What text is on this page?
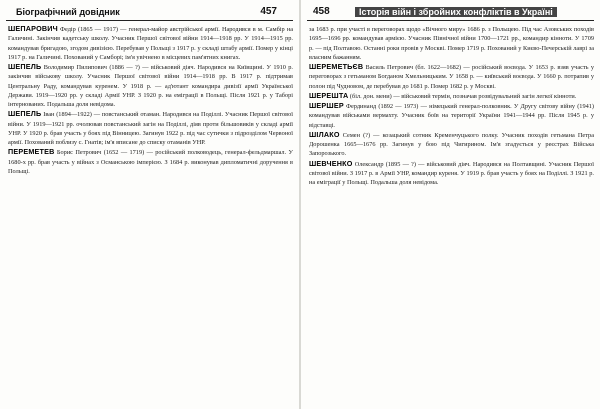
Біографічний довідник	457

ШЕПАРОВИЧ Федір (1865 — 1917) — генерал-майор австрійської армії. Народився в м. Самбір на Галичині. Закінчив кадетську школу. Учасник Першої світової війни 1914—1918 рр. У 1914—1915 рр. командував бригадою, згодом дивізією. Перебував у Польщі з 1917 р. у складі штабу армії. Помер у кінці 1917 р. на Галичині. Похований у Самборі; ім'я увічнено в місцевих пам'ятних книгах.

ШЕПЕЛЬ Володимир Пилипович (1886 — ?) — військовий діяч. Народився на Київщині. У 1910 р. закінчив військову школу. Учасник Першої світової війни 1914—1918 рр. В 1917 р. підтримав Центральну Раду, командував куренем. У 1918 р. — ад'ютант командира дивізії армії Української Держави. 1919—1920 рр. у складі Армії УНР. З 1920 р. на еміграції в Польщі. Після 1921 р. у Таборі інтернованих. Подальша доля невідома.

ШЕПЕЛЬ Іван (1894—1922) — повстанський отаман. Народився на Поділлі. Учасник Першої світової війни. У 1919—1921 рр. очолював повстанський загін на Поділлі, діяв проти більшовиків у складі армії УНР. У 1920 р. брав участь у боях під Вінницею. Загинув 1922 р. під час сутички з підрозділом Червоної армії. Похований поблизу с. Гнатів; ім'я вписане до списку отаманів УНР.

ПЕРЕМЕТЕВ Борис Петрович (1652 — 1719) — російський полководець, генерал-фельдмаршал. У 1680-х рр. брав участь у війнах з Османською імперією. З 1684 р. виконував дипломатичні доручення в Польщі.

458	Історія війн і збройних конфліктів в Україні

за 1683 р. при участі в переговорах щодо «Вічного миру» 1686 р. з Польщею. Під час Азовських походів 1695—1696 рр. командував армією. Учасник Північної війни 1700—1721 рр., командир кінноти. У 1709 р. — під Полтавою. Останні роки провів у Москві. Помер 1719 р. Похований у Києво-Печерській лаврі за власним бажанням.

ШЕРЕМЕТЬЄВ Василь Петрович (бл. 1622—1682) — російський воєвода. У 1653 р. взяв участь у переговорах з гетьманом Богданом Хмельницьким. У 1658 р. — київський воєвода. У 1660 р. потрапив у полон під Чудновом, де перебував до 1681 р. Помер 1682 р. у Москві.

ШЕРЕШТА (біл. дон. мени) — військовий термін, позначав розвідувальний загін легкої кінноти.

ШЕРШЕР Фердинанд (1892 — 1973) — німецький генерал-полковник. У Другу світову війну (1941) командував військами вермахту. Учасник боїв на території України 1941—1944 рр. Після 1945 р. у відставці.

ШІЛАКО Семен (?) — козацький сотник Кременчуцького полку. Учасник походів гетьмана Петра Дорошенка 1665—1676 рр. Загинув у бою під Чигирином. Ім'я згадується у реєстрах Війська Запорозького.

ШЕВЧЕНКО Олександр (1895 — ?) — військовий діяч. Народився на Полтавщині. Учасник Першої світової війни. З 1917 р. в Армії УНР, командир куреня. У 1919 р. брав участь у боях на Поділлі. З 1921 р. на еміграції у Польщі. Подальша доля невідома.
